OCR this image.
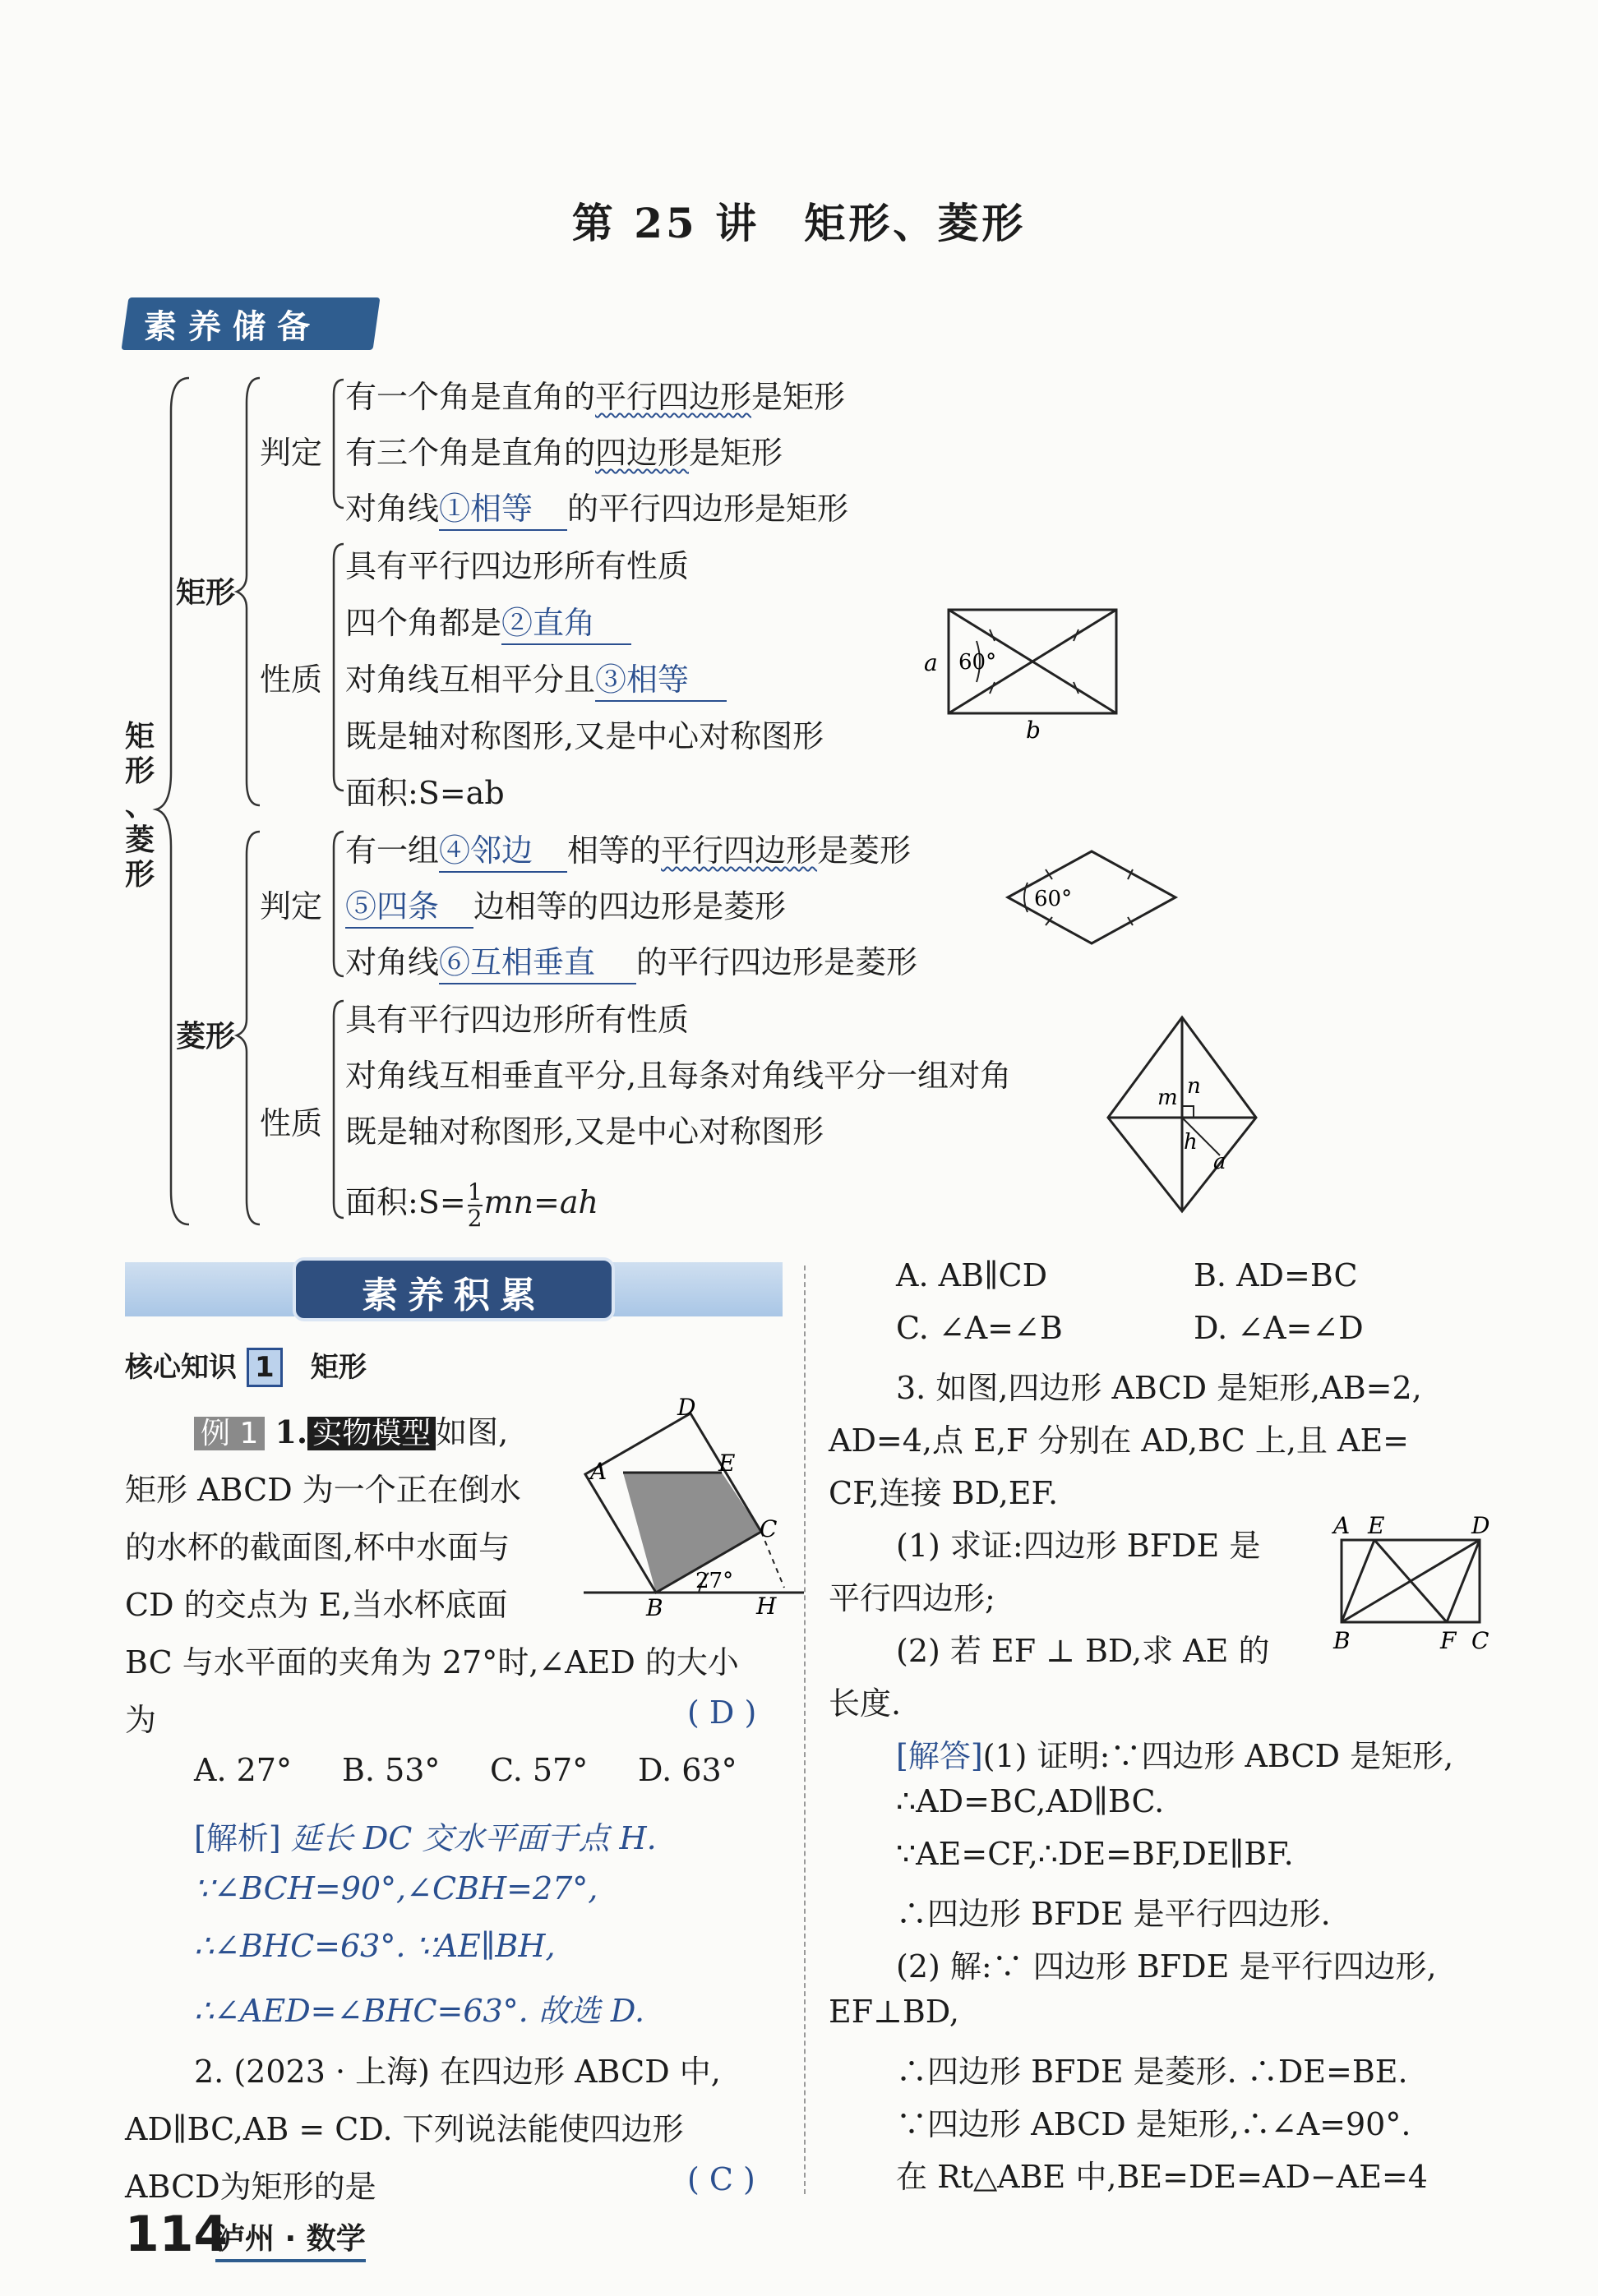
第 25 讲　矩形、菱形
素养储备
矩
形
、
菱
形
矩形
菱形
判定
性质
判定
性质
有一个角是直角的平行四边形是矩形
有三个角是直角的四边形是矩形
对角线①相等 的平行四边形是矩形
具有平行四边形所有性质
四个角都是②直角
对角线互相平分且③相等
既是轴对称图形,又是中心对称图形
面积:S=ab
有一组④邻边 相等的平行四边形是菱形
⑤四条 边相等的四边形是菱形
对角线⑥互相垂直 的平行四边形是菱形
具有平行四边形所有性质
对角线互相垂直平分,且每条对角线平分一组对角
既是轴对称图形,又是中心对称图形
面积:S= $\frac{1}{2} mn=ah$
a
b
60°
60°
m n
h
a
素养积累
核心知识 1　 矩形
例 1 1. 实物模型 如图,
矩形 ABCD 为一个正在倒水
的水杯的截面图,杯中水面与
CD 的交点为 E,当水杯底面
BC 与水平面的夹角为 27°时,∠AED 的大小
为	( D )
A. 27° B. 53° C. 57° D. 63°
[解析] 延长 DC 交水平面于点 H.
∵∠BCH=90°,∠CBH=27°,
∴∠BHC=63°. ∵AE∥BH,
∴∠AED=∠BHC=63°. 故选 D.
D
A	E
C
B	H
27°
2. (2023 · 上海) 在四边形 ABCD 中,
AD∥BC,AB = CD. 下列说法能使四边形
ABCD为矩形的是	( C )
A. AB∥CD	B. AD=BC
C. ∠A=∠B	D. ∠A=∠D
3. 如图,四边形 ABCD 是矩形,AB=2,
AD=4,点 E,F 分别在 AD,BC 上,且 AE=
CF,连接 BD,EF.
(1) 求证:四边形 BFDE 是
平行四边形;
(2) 若 EF ⊥ BD,求 AE 的
长度.
A E	D
B	F C
[解答](1) 证明:∵四边形 ABCD 是矩形,
∴AD=BC,AD∥BC.
∵AE=CF,∴DE=BF,DE∥BF.
∴四边形 BFDE 是平行四边形.
(2) 解:∵ 四边形 BFDE 是平行四边形,
EF⊥BD,
∴四边形 BFDE 是菱形. ∴DE=BE.
∵四边形 ABCD 是矩形,∴∠A=90°.
在 Rt△ABE 中,BE=DE=AD−AE=4
114
泸州 · 数学
